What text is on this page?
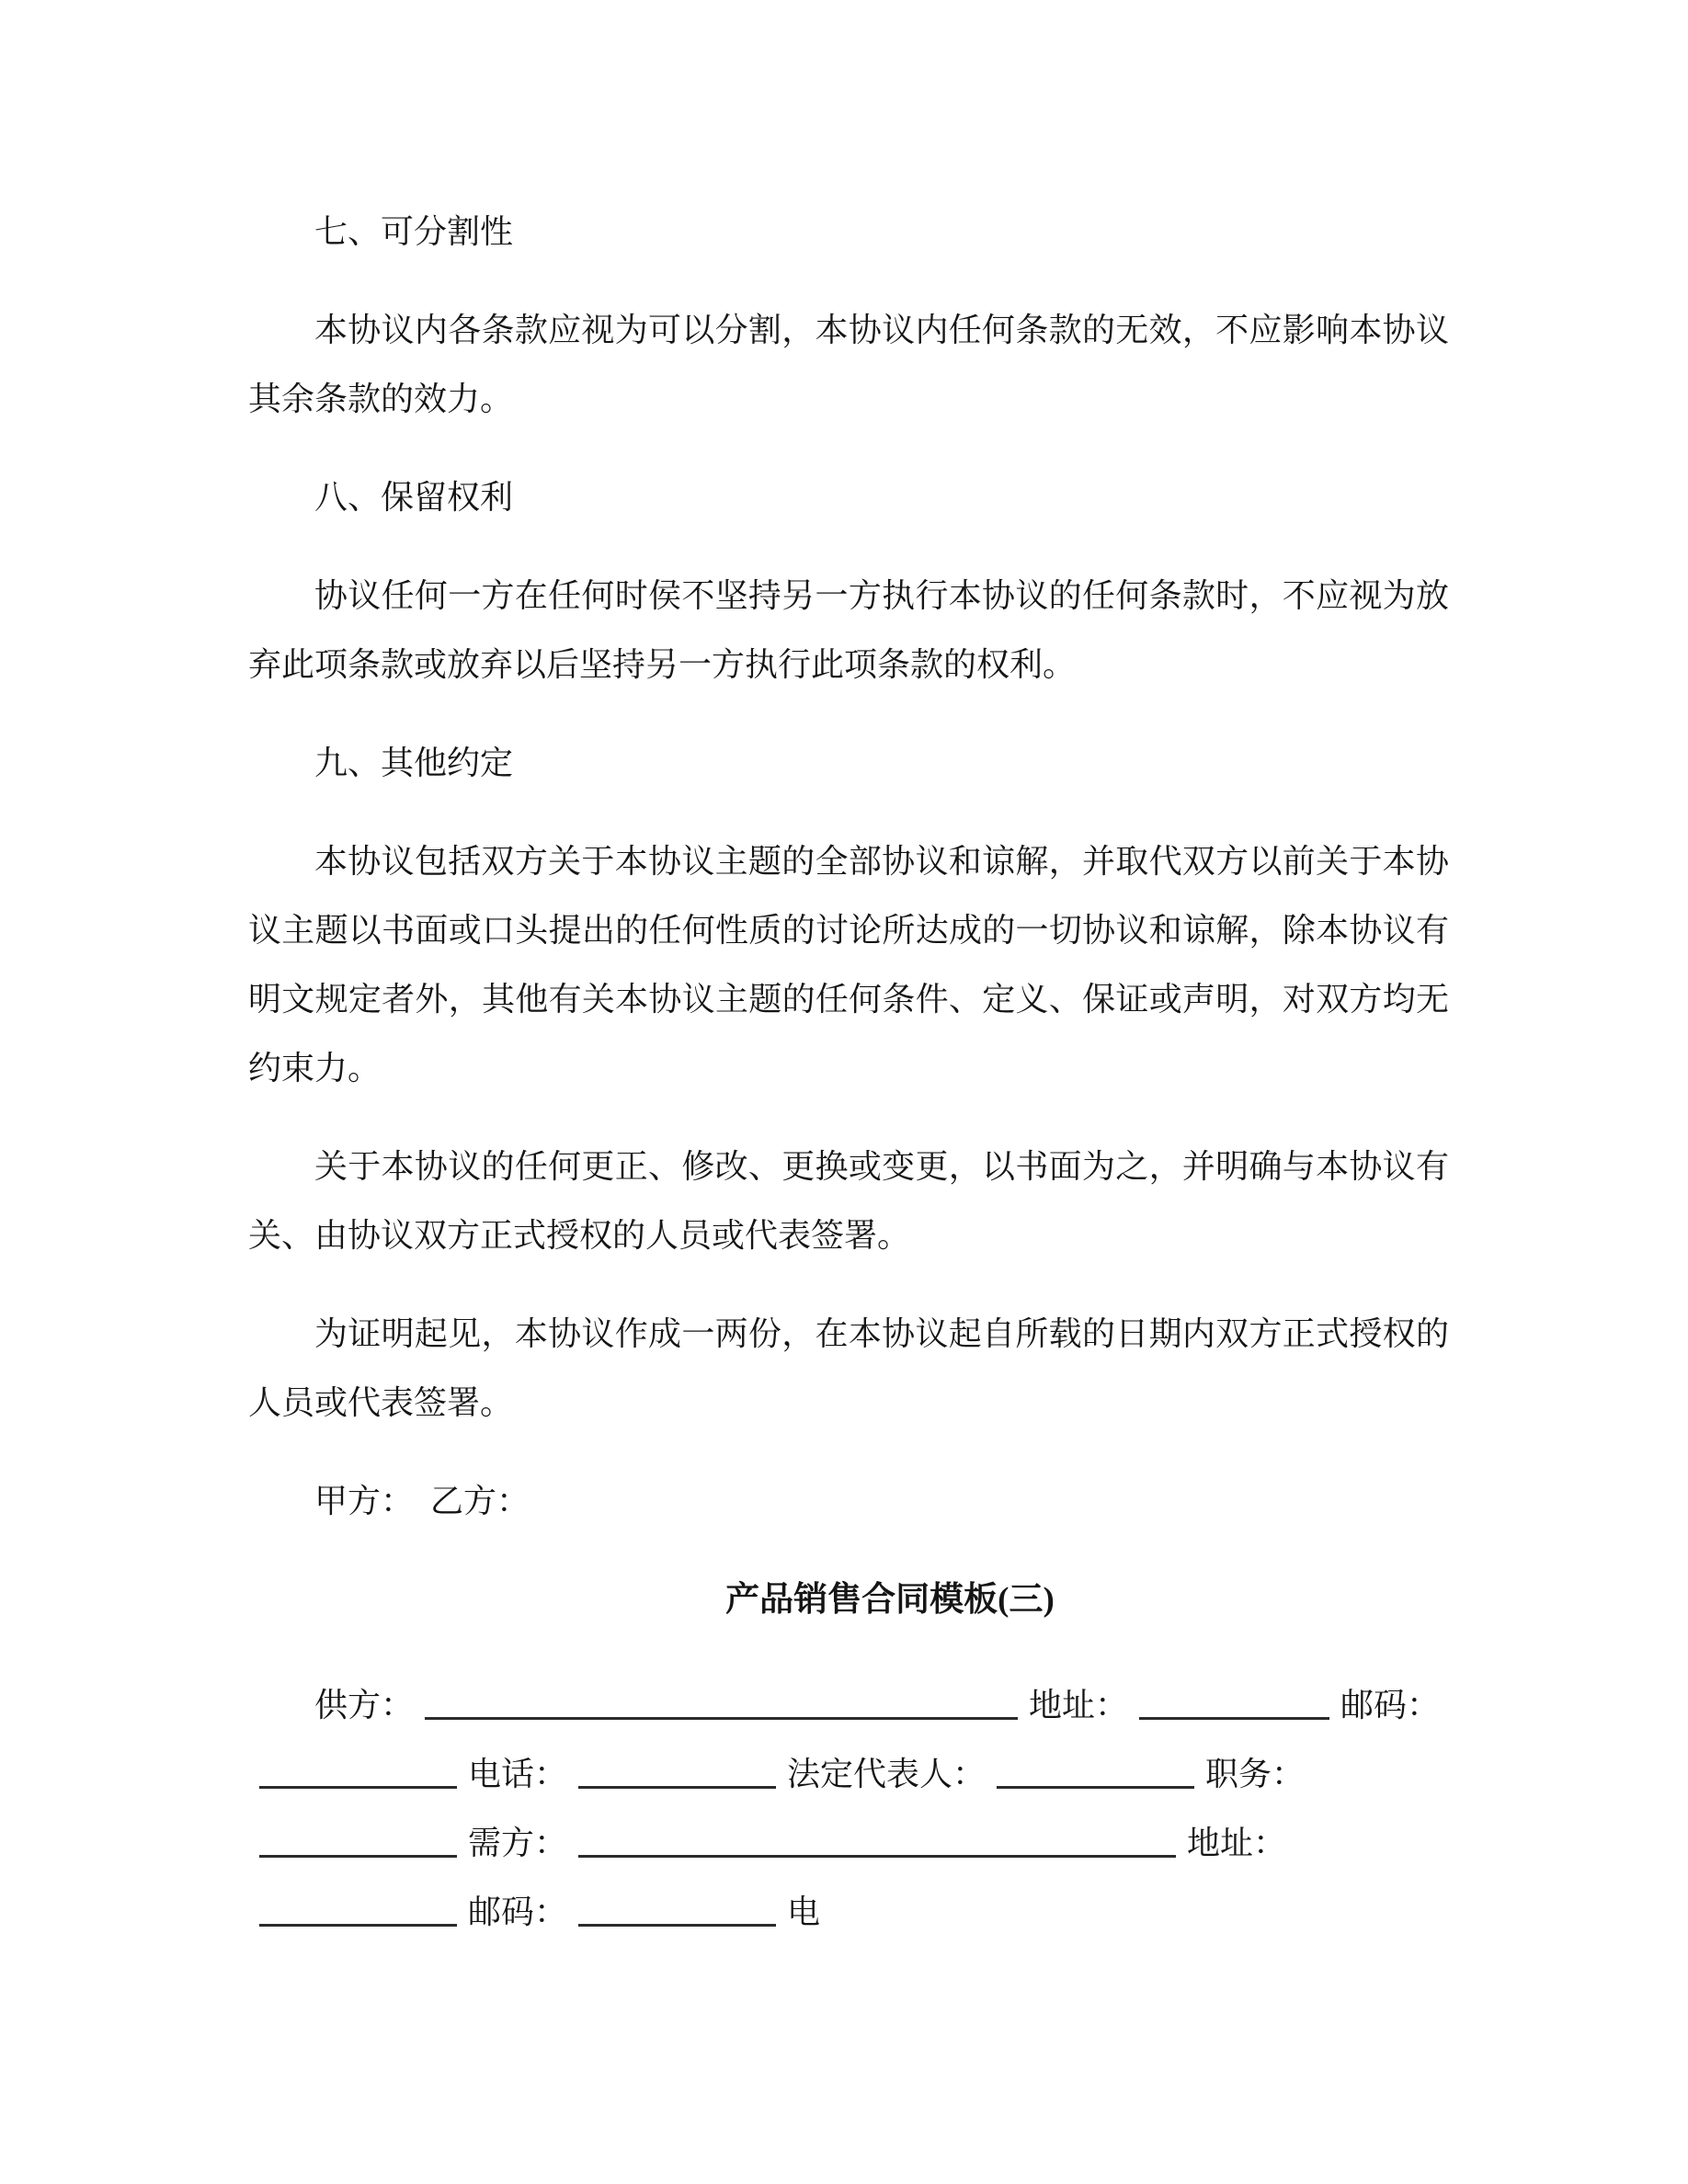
七、可分割性

本协议内各条款应视为可以分割，本协议内任何条款的无效，不应影响本协议其余条款的效力。

八、保留权利

协议任何一方在任何时侯不坚持另一方执行本协议的任何条款时，不应视为放弃此项条款或放弃以后坚持另一方执行此项条款的权利。

九、其他约定

本协议包括双方关于本协议主题的全部协议和谅解，并取代双方以前关于本协议主题以书面或口头提出的任何性质的讨论所达成的一切协议和谅解，除本协议有明文规定者外，其他有关本协议主题的任何条件、定义、保证或声明，对双方均无约束力。

关于本协议的任何更正、修改、更换或变更，以书面为之，并明确与本协议有关、由协议双方正式授权的人员或代表签署。

为证明起见，本协议作成一两份，在本协议起自所载的日期内双方正式授权的人员或代表签署。

甲方：　乙方：

产品销售合同模板(三)

供方：	地址：	邮码：
电话：	法定代表人：	职务：
需方：	地址：
邮码：	电
